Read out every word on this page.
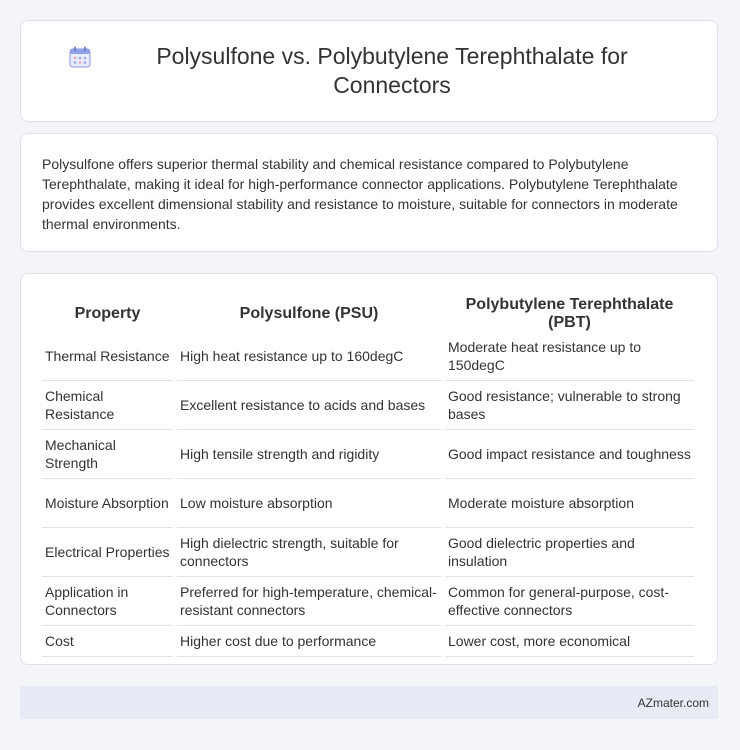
Polysulfone vs. Polybutylene Terephthalate for Connectors

Polysulfone offers superior thermal stability and chemical resistance compared to Polybutylene Terephthalate, making it ideal for high-performance connector applications. Polybutylene Terephthalate provides excellent dimensional stability and resistance to moisture, suitable for connectors in moderate thermal environments.

Property	Polysulfone (PSU)	Polybutylene Terephthalate (PBT)
Thermal Resistance	High heat resistance up to 160degC	Moderate heat resistance up to 150degC
Chemical Resistance	Excellent resistance to acids and bases	Good resistance; vulnerable to strong bases
Mechanical Strength	High tensile strength and rigidity	Good impact resistance and toughness
Moisture Absorption	Low moisture absorption	Moderate moisture absorption
Electrical Properties	High dielectric strength, suitable for connectors	Good dielectric properties and insulation
Application in Connectors	Preferred for high-temperature, chemical-resistant connectors	Common for general-purpose, cost-effective connectors
Cost	Higher cost due to performance	Lower cost, more economical
AZmater.com
